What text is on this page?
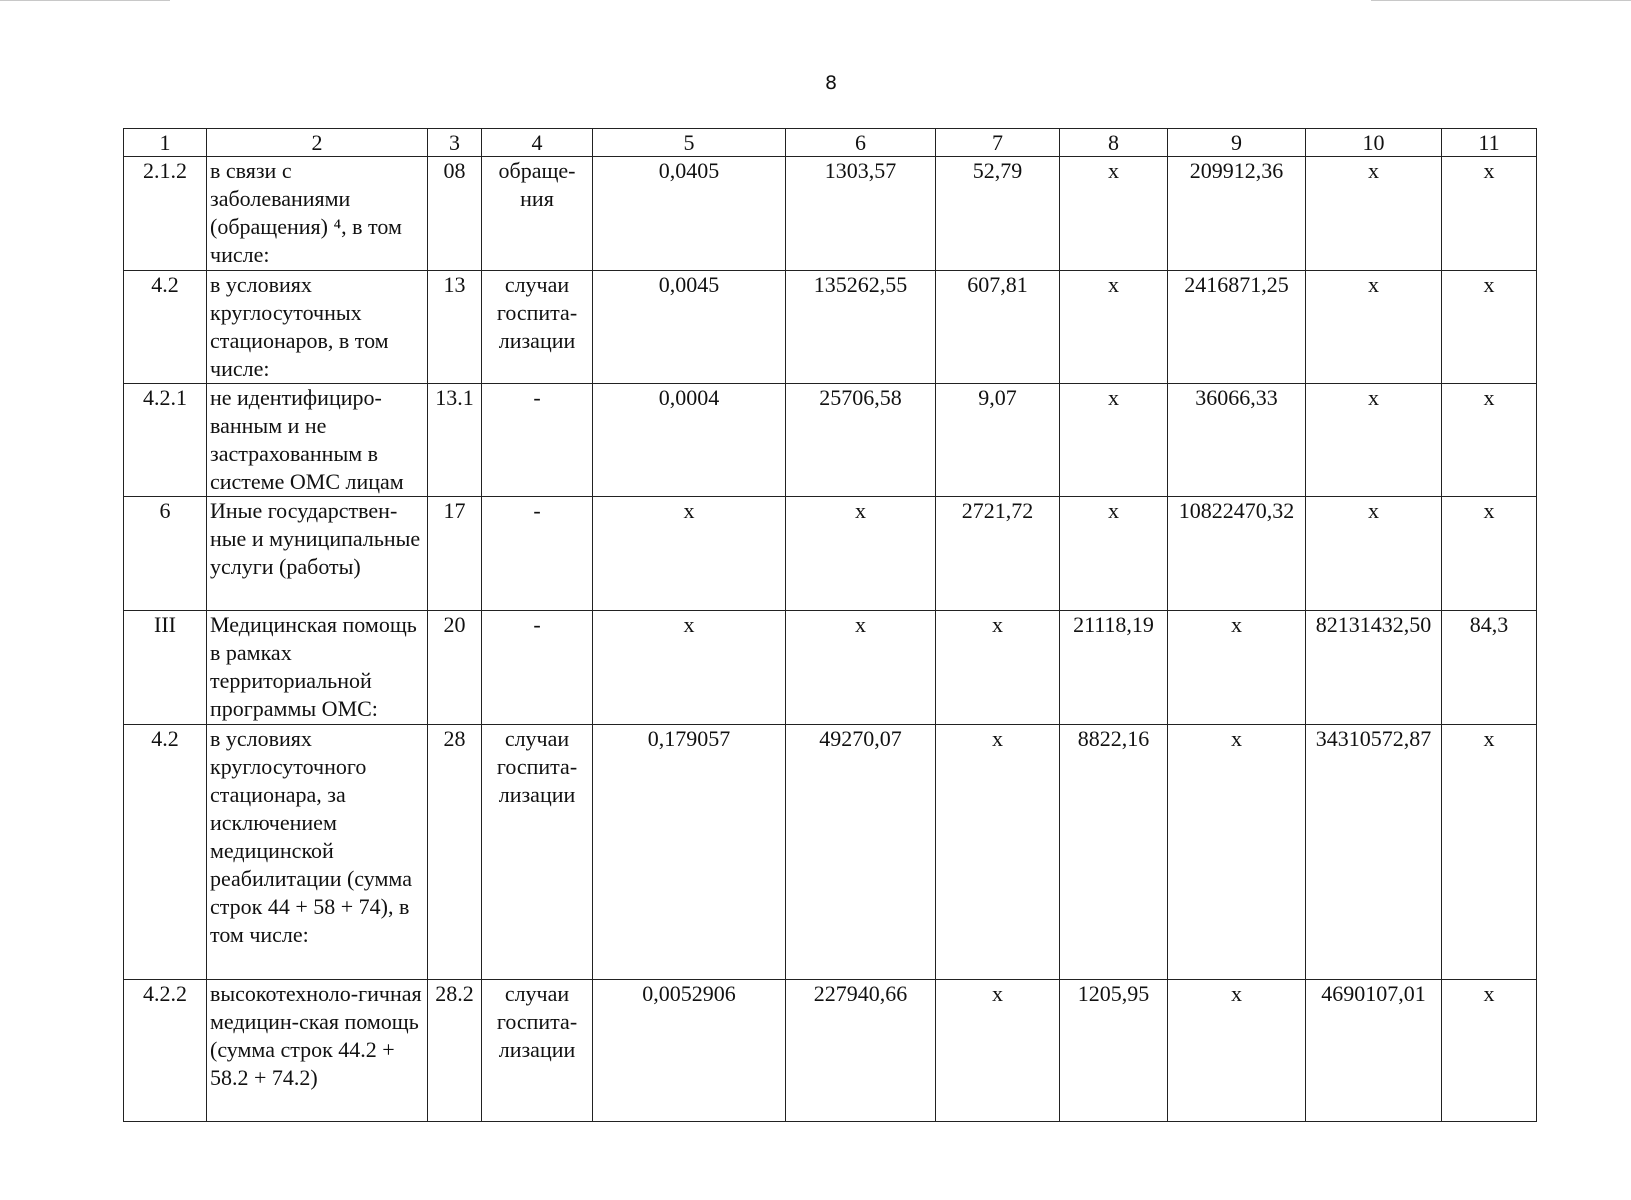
8
1	2	3	4	5	6	7	8	9	10	11
2.1.2	в связи с заболеваниями (обращения) ⁴, в том числе:	08	обраще-ния	0,0405	1303,57	52,79	x	209912,36	x	x
4.2	в условиях круглосуточных стационаров, в том числе:	13	случаи госпита-лизации	0,0045	135262,55	607,81	x	2416871,25	x	x
4.2.1	не идентифициро-ванным и не застрахованным в системе ОМС лицам	13.1	-	0,0004	25706,58	9,07	x	36066,33	x	x
6	Иные государствен-ные и муниципальные услуги (работы)	17	-	x	x	2721,72	x	10822470,32	x	x
III	Медицинская помощь в рамках территориальной программы ОМС:	20	-	x	x	x	21118,19	x	82131432,50	84,3
4.2	в условиях круглосуточного стационара, за исключением медицинской реабилитации (сумма строк 44 + 58 + 74), в том числе:	28	случаи госпита-лизации	0,179057	49270,07	x	8822,16	x	34310572,87	x
4.2.2	высокотехноло-гичная медицин-ская помощь (сумма строк 44.2 + 58.2 + 74.2)	28.2	случаи госпита-лизации	0,0052906	227940,66	x	1205,95	x	4690107,01	x
